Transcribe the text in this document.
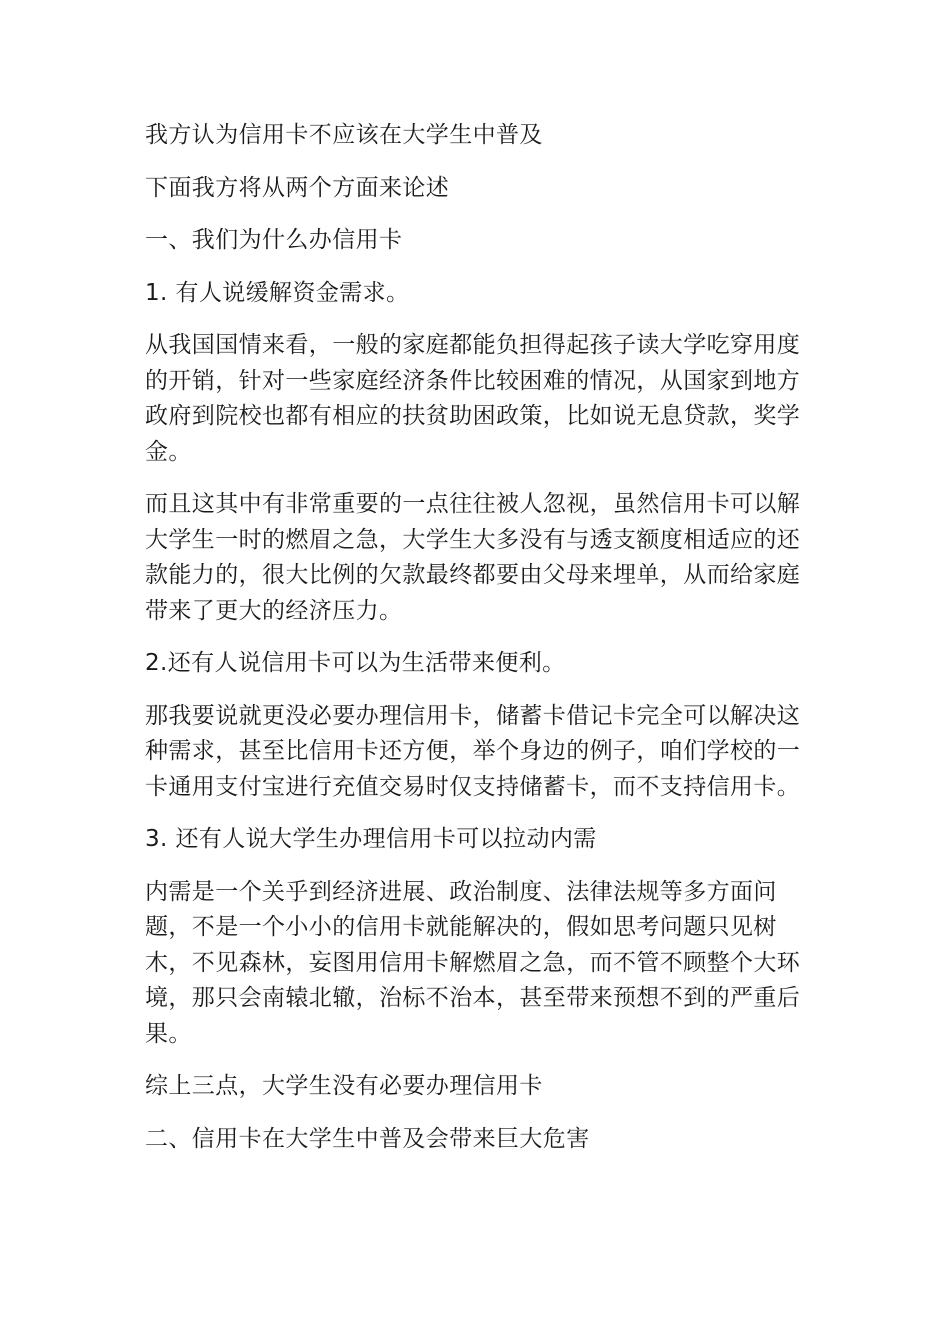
我方认为信用卡不应该在大学生中普及

下面我方将从两个方面来论述

一、我们为什么办信用卡

1. 有人说缓解资金需求。

从我国国情来看，一般的家庭都能负担得起孩子读大学吃穿用度的开销，针对一些家庭经济条件比较困难的情况，从国家到地方政府到院校也都有相应的扶贫助困政策，比如说无息贷款，奖学金。

而且这其中有非常重要的一点往往被人忽视，虽然信用卡可以解大学生一时的燃眉之急，大学生大多没有与透支额度相适应的还款能力的，很大比例的欠款最终都要由父母来埋单，从而给家庭带来了更大的经济压力。

2.还有人说信用卡可以为生活带来便利。

那我要说就更没必要办理信用卡，储蓄卡借记卡完全可以解决这种需求，甚至比信用卡还方便，举个身边的例子，咱们学校的一卡通用支付宝进行充值交易时仅支持储蓄卡，而不支持信用卡。

3. 还有人说大学生办理信用卡可以拉动内需

内需是一个关乎到经济进展、政治制度、法律法规等多方面问题，不是一个小小的信用卡就能解决的，假如思考问题只见树木，不见森林，妄图用信用卡解燃眉之急，而不管不顾整个大环境，那只会南辕北辙，治标不治本，甚至带来预想不到的严重后果。

综上三点，大学生没有必要办理信用卡

二、信用卡在大学生中普及会带来巨大危害
